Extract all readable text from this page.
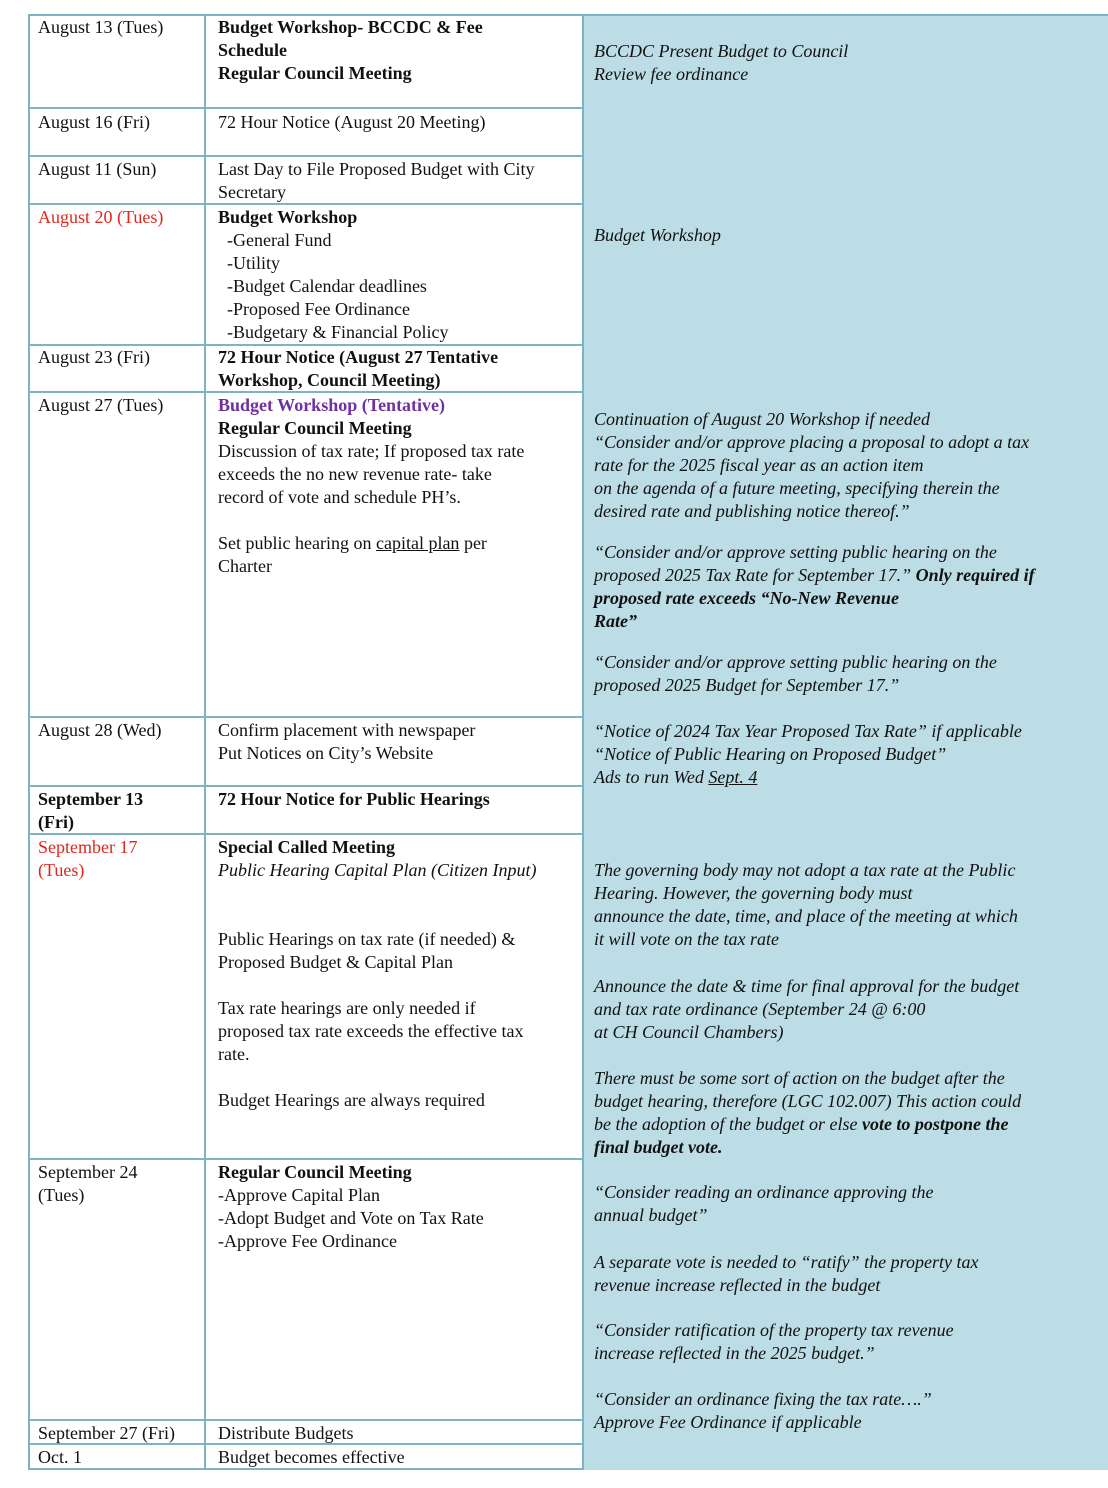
August 13 (Tues)
August 16 (Fri)
August 11 (Sun)
August 20 (Tues)
August 23 (Fri)
August 27 (Tues)
August 28 (Wed)
September 13
(Fri)
September 17
(Tues)
September 24
(Tues)
September 27 (Fri)
Oct. 1
Budget Workshop- BCCDC & Fee
Schedule
Regular Council Meeting
72 Hour Notice (August 20 Meeting)
Last Day to File Proposed Budget with City
Secretary
Budget Workshop
-General Fund
-Utility
-Budget Calendar deadlines
-Proposed Fee Ordinance
-Budgetary & Financial Policy
72 Hour Notice (August 27 Tentative
Workshop, Council Meeting)
Budget Workshop (Tentative)
Regular Council Meeting
Discussion of tax rate; If proposed tax rate
exceeds the no new revenue rate- take
record of vote and schedule PH’s.
Set public hearing on capital plan per
Charter
Confirm placement with newspaper
Put Notices on City’s Website
72 Hour Notice for Public Hearings
Special Called Meeting
Public Hearing Capital Plan (Citizen Input)
Public Hearings on tax rate (if needed) &
Proposed Budget & Capital Plan
Tax rate hearings are only needed if
proposed tax rate exceeds the effective tax
rate.
Budget Hearings are always required
Regular Council Meeting
-Approve Capital Plan
-Adopt Budget and Vote on Tax Rate
-Approve Fee Ordinance
Distribute Budgets
Budget becomes effective
BCCDC Present Budget to Council
Review fee ordinance
Budget Workshop
Continuation of August 20 Workshop if needed
“Consider and/or approve placing a proposal to adopt a tax
rate for the 2025 fiscal year as an action item
on the agenda of a future meeting, specifying therein the
desired rate and publishing notice thereof.”
“Consider and/or approve setting public hearing on the
proposed 2025 Tax Rate for September 17.” Only required if
proposed rate exceeds “No-New Revenue
Rate”
“Consider and/or approve setting public hearing on the
proposed 2025 Budget for September 17.”
“Notice of 2024 Tax Year Proposed Tax Rate” if applicable
“Notice of Public Hearing on Proposed Budget”
Ads to run Wed Sept. 4
The governing body may not adopt a tax rate at the Public
Hearing. However, the governing body must
announce the date, time, and place of the meeting at which
it will vote on the tax rate
Announce the date & time for final approval for the budget
and tax rate ordinance (September 24 @ 6:00
at CH Council Chambers)
There must be some sort of action on the budget after the
budget hearing, therefore (LGC 102.007) This action could
be the adoption of the budget or else vote to postpone the
final budget vote.
“Consider reading an ordinance approving the
annual budget”
A separate vote is needed to “ratify” the property tax
revenue increase reflected in the budget
“Consider ratification of the property tax revenue
increase reflected in the 2025 budget.”
“Consider an ordinance fixing the tax rate….”
Approve Fee Ordinance if applicable
